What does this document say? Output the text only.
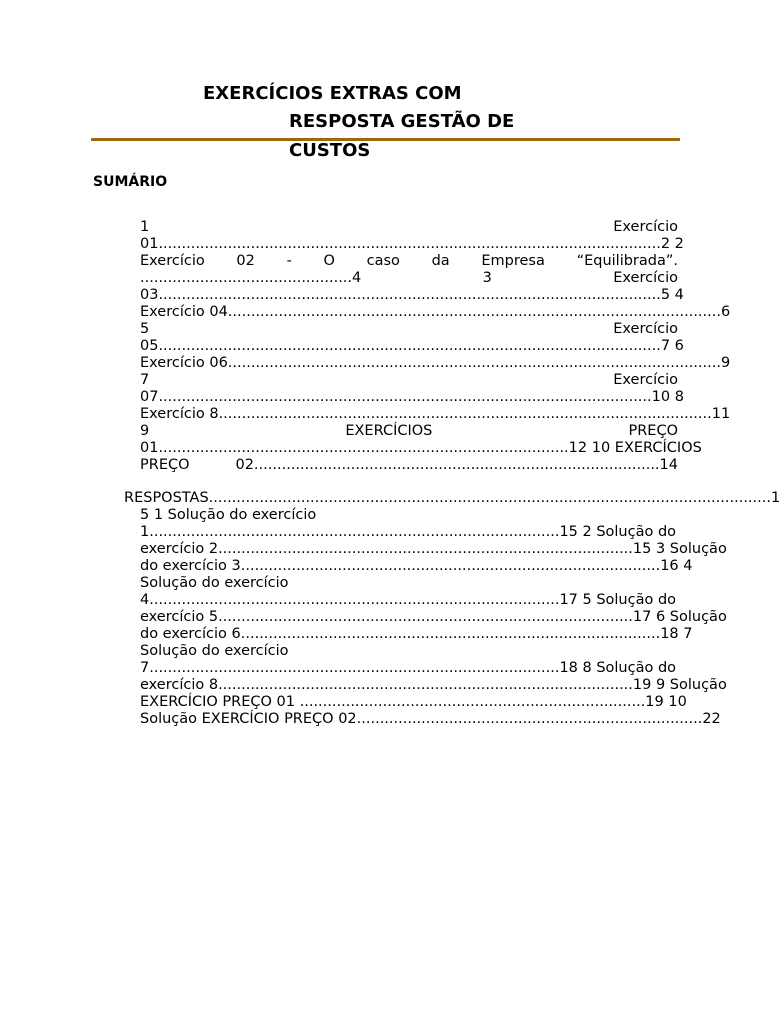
EXERCÍCIOS EXTRAS COM
RESPOSTA GESTÃO DE
CUSTOS
SUMÁRIO
1 Exercício
01.............................................................................................................2 2
Exercício 02 - O caso da Empresa “Equilibrada”.
..............................................4 3 Exercício
03.............................................................................................................5 4
Exercício 04...........................................................................................................6
5 Exercício
05.............................................................................................................7 6
Exercício 06...........................................................................................................9
7 Exercício
07...........................................................................................................10 8
Exercício 8...........................................................................................................11
9 EXERCÍCIOS PREÇO
01.........................................................................................12 10 EXERCÍCIOS
PREÇO 02........................................................................................14
RESPOSTAS..........................................................................................................................1
5 1 Solução do exercício
1.........................................................................................15 2 Solução do
exercício 2..........................................................................................15 3 Solução
do exercício 3...........................................................................................16 4
Solução do exercício
4.........................................................................................17 5 Solução do
exercício 5..........................................................................................17 6 Solução
do exercício 6...........................................................................................18 7
Solução do exercício
7.........................................................................................18 8 Solução do
exercício 8..........................................................................................19 9 Solução
EXERCÍCIO PREÇO 01 ...........................................................................19 10
Solução EXERCÍCIO PREÇO 02...........................................................................22
